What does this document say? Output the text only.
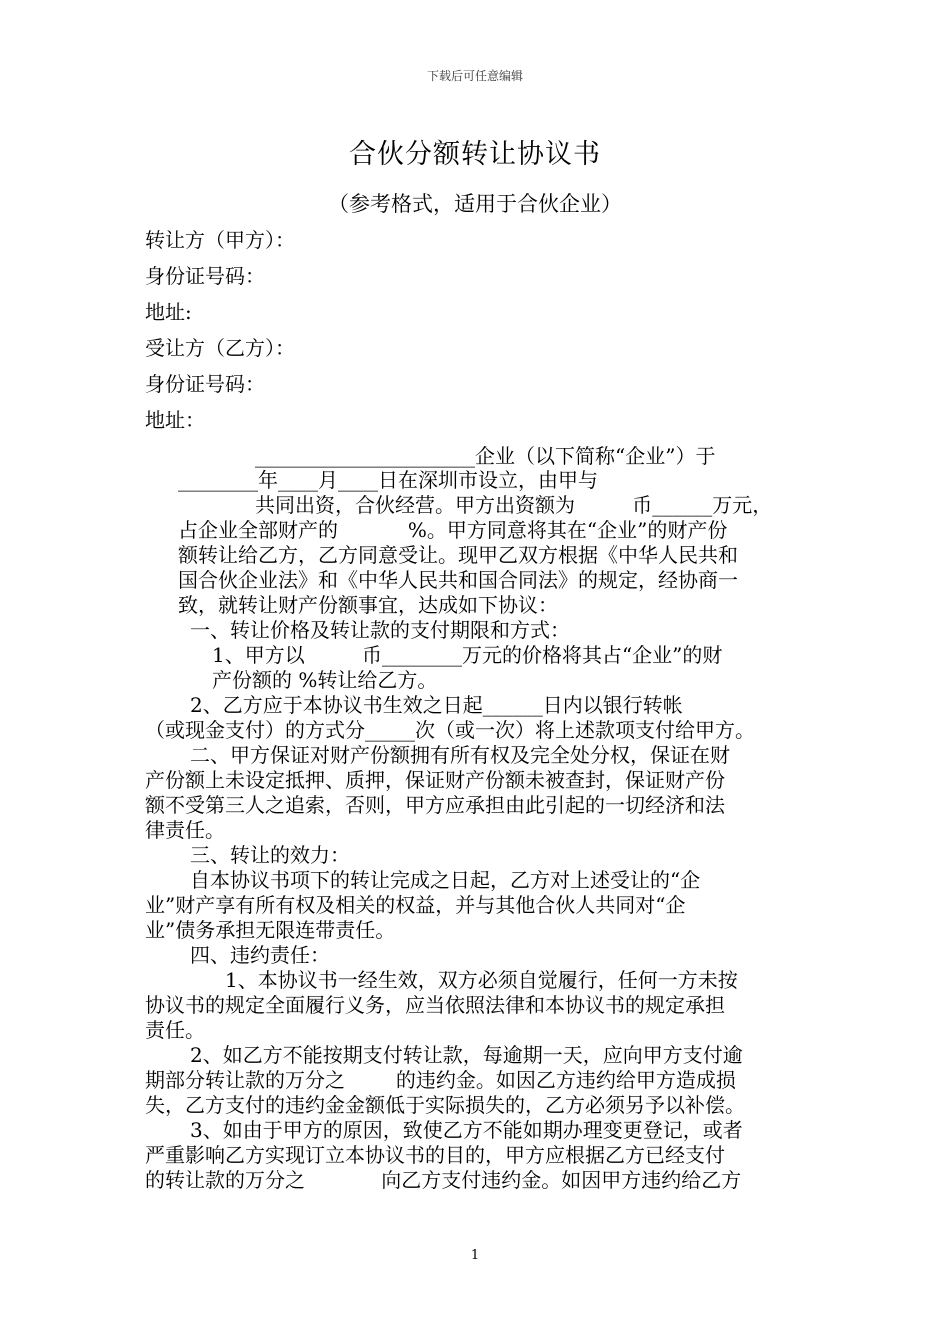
下载后可任意编辑
合伙分额转让协议书
（参考格式，适用于合伙企业）
转让方（甲方）：
身份证号码：
地址:
受让方（乙方）：
身份证号码：
地址：
______________________企业（以下简称“企业”）于
________年____月____日在深圳市设立，由甲与
共同出资，合伙经营。甲方出资额为         币______万元，
占企业全部财产的           %。甲方同意将其在“企业”的财产份
额转让给乙方，乙方同意受让。现甲乙双方根据《中华人民共和
国合伙企业法》和《中华人民共和国合同法》的规定，经协商一
致，就转让财产份额事宜，达成如下协议：
一、转让价格及转让款的支付期限和方式：
1、甲方以         币________万元的价格将其占“企业”的财
产份额的 %转让给乙方。
2、乙方应于本协议书生效之日起______日内以银行转帐
（或现金支付）的方式分_____次（或一次）将上述款项支付给甲方。
二、甲方保证对财产份额拥有所有权及完全处分权，保证在财
产份额上未设定抵押、质押，保证财产份额未被查封，保证财产份
额不受第三人之追索，否则，甲方应承担由此引起的一切经济和法
律责任。
三、转让的效力：
自本协议书项下的转让完成之日起，乙方对上述受让的“企
业”财产享有所有权及相关的权益，并与其他合伙人共同对“企
业”债务承担无限连带责任。
四、违约责任：
1、本协议书一经生效，双方必须自觉履行，任何一方未按
协议书的规定全面履行义务，应当依照法律和本协议书的规定承担
责任。
2、如乙方不能按期支付转让款，每逾期一天，应向甲方支付逾
期部分转让款的万分之        的违约金。如因乙方违约给甲方造成损
失，乙方支付的违约金金额低于实际损失的，乙方必须另予以补偿。
3、如由于甲方的原因，致使乙方不能如期办理变更登记，或者
严重影响乙方实现订立本协议书的目的，甲方应根据乙方已经支付
的转让款的万分之            向乙方支付违约金。如因甲方违约给乙方
1
